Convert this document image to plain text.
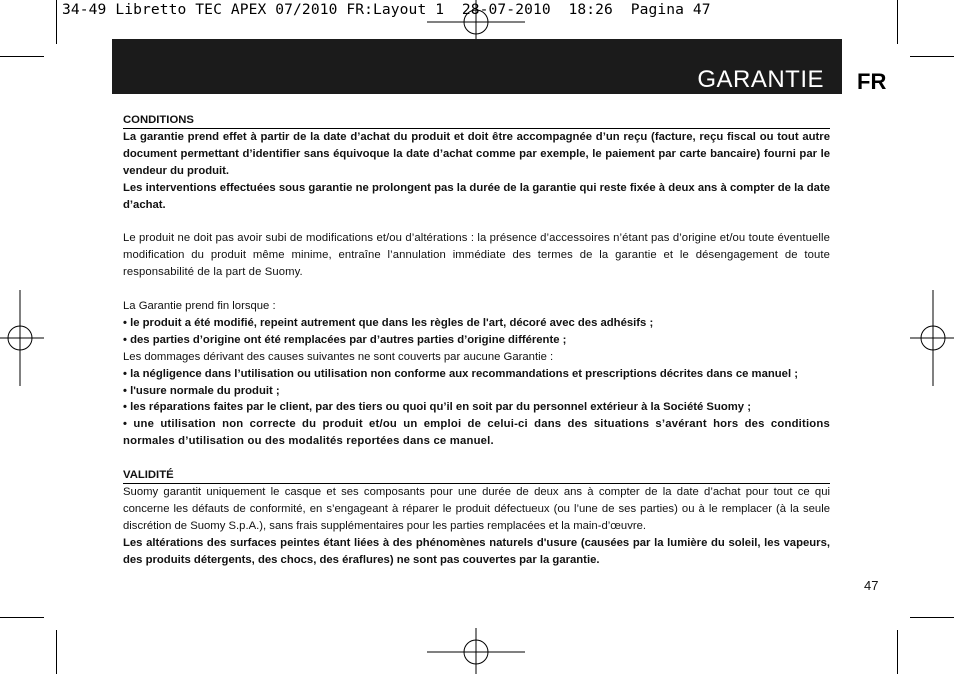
34-49 Libretto TEC APEX 07/2010 FR:Layout 1  28-07-2010  18:26  Pagina 47
GARANTIE FR
CONDITIONS

La garantie prend effet à partir de la date d’achat du produit et doit être accompagnée d’un reçu (facture, reçu fiscal ou tout autre document permettant d’identifier sans équivoque la date d’achat comme par exemple, le paiement par carte bancaire) fourni par le vendeur du produit.

Les interventions effectuées sous garantie ne prolongent pas la durée de la garantie qui reste fixée à deux ans à compter de la date d’achat.

Le produit ne doit pas avoir subi de modifications et/ou d’altérations : la présence d’accessoires n’étant pas d’origine et/ou toute éventuelle modification du produit même minime, entraîne l’annulation immédiate des termes de la garantie et le désengagement de toute responsabilité de la part de Suomy.

La Garantie prend fin lorsque :

• le produit a été modifié, repeint autrement que dans les règles de l'art, décoré avec des adhésifs ;

• des parties d’origine ont été remplacées par d’autres parties d’origine différente ;

Les dommages dérivant des causes suivantes ne sont couverts par aucune Garantie :

• la négligence dans l’utilisation ou utilisation non conforme aux recommandations et prescriptions décrites dans ce manuel ;

• l'usure normale du produit ;

• les réparations faites par le client, par des tiers ou quoi qu’il en soit par du personnel extérieur à la Société Suomy ;

• une utilisation non correcte du produit et/ou un emploi de celui-ci dans des situations s’avérant hors des conditions normales d’utilisation ou des modalités reportées dans ce manuel.

VALIDITÉ

Suomy garantit uniquement le casque et ses composants pour une durée de deux ans à compter de la date d’achat pour tout ce qui concerne les défauts de conformité, en s’engageant à réparer le produit défectueux (ou l’une de ses parties) ou à le remplacer (à la seule discrétion de Suomy S.p.A.), sans frais supplémentaires pour les parties remplacées et la main-d’œuvre.

Les altérations des surfaces peintes étant liées à des phénomènes naturels d'usure (causées par la lumière du soleil, les vapeurs, des produits détergents, des chocs, des éraflures) ne sont pas couvertes par la garantie.

47
